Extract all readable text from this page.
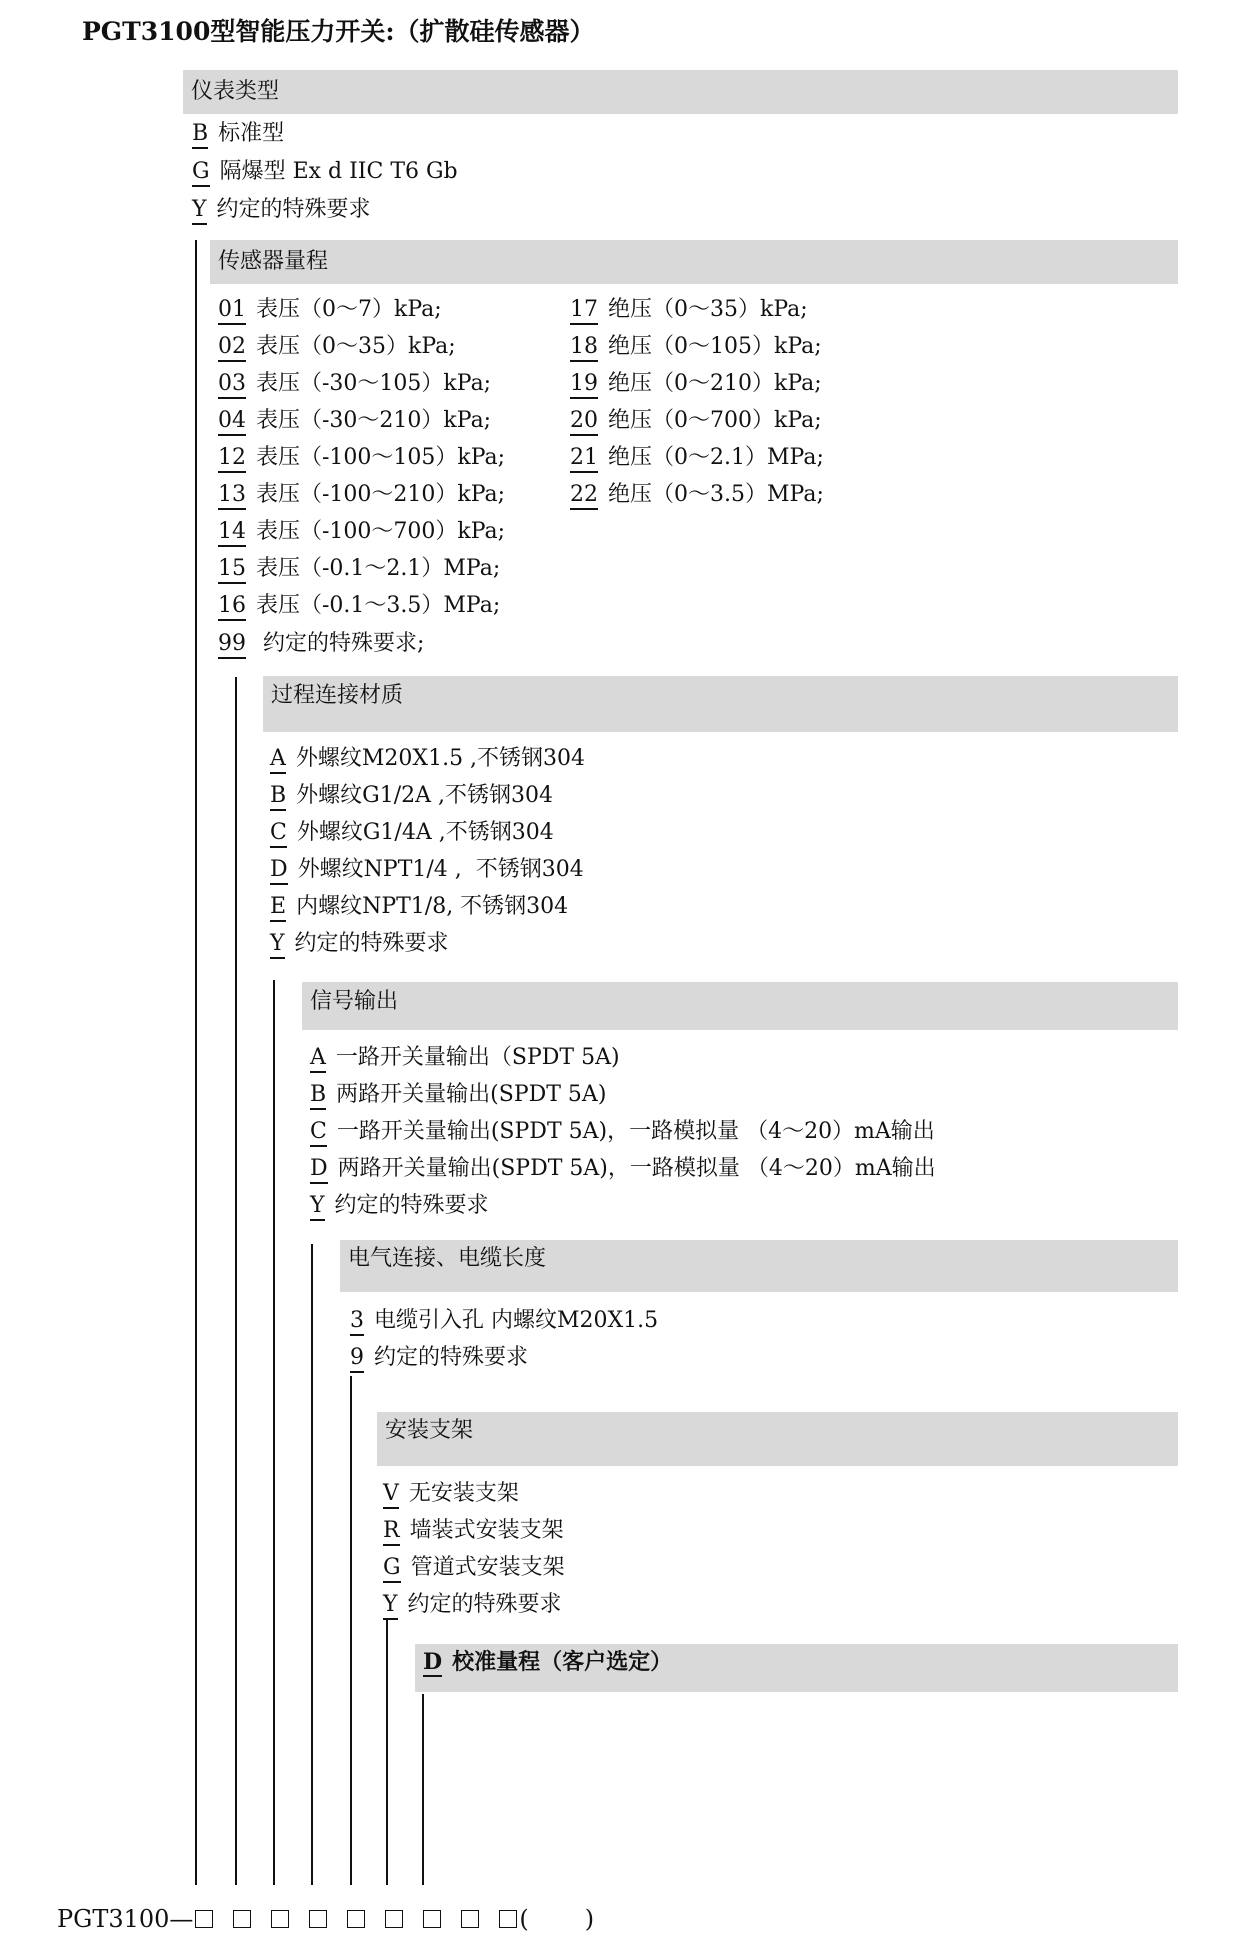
PGT3100型智能压力开关:（扩散硅传感器）
仪表类型
B 标准型
G 隔爆型 Ex d IIC T6 Gb
Y 约定的特殊要求
传感器量程
01 表压（0～7）kPa;
02 表压（0～35）kPa;
03 表压（-30～105）kPa;
04 表压（-30～210）kPa;
12 表压（-100～105）kPa;
13 表压（-100～210）kPa;
14 表压（-100～700）kPa;
15 表压（-0.1～2.1）MPa;
16 表压（-0.1～3.5）MPa;
99 约定的特殊要求;
17 绝压（0～35）kPa;
18 绝压（0～105）kPa;
19 绝压（0～210）kPa;
20 绝压（0～700）kPa;
21 绝压（0～2.1）MPa;
22 绝压（0～3.5）MPa;
过程连接材质
A 外螺纹M20X1.5 ,不锈钢304
B 外螺纹G1/2A ,不锈钢304
C 外螺纹G1/4A ,不锈钢304
D 外螺纹NPT1/4 ,  不锈钢304
E 内螺纹NPT1/8, 不锈钢304
Y 约定的特殊要求
信号输出
A 一路开关量输出（SPDT 5A)
B 两路开关量输出(SPDT 5A)
C 一路开关量输出(SPDT 5A)，一路模拟量 （4～20）mA输出
D 两路开关量输出(SPDT 5A)，一路模拟量 （4～20）mA输出
Y 约定的特殊要求
电气连接、电缆长度
3 电缆引入孔 内螺纹M20X1.5
9 约定的特殊要求
安装支架
V 无安装支架
R 墙装式安装支架
G 管道式安装支架
Y 约定的特殊要求
D 校准量程（客户选定）
PGT3100—	( )
